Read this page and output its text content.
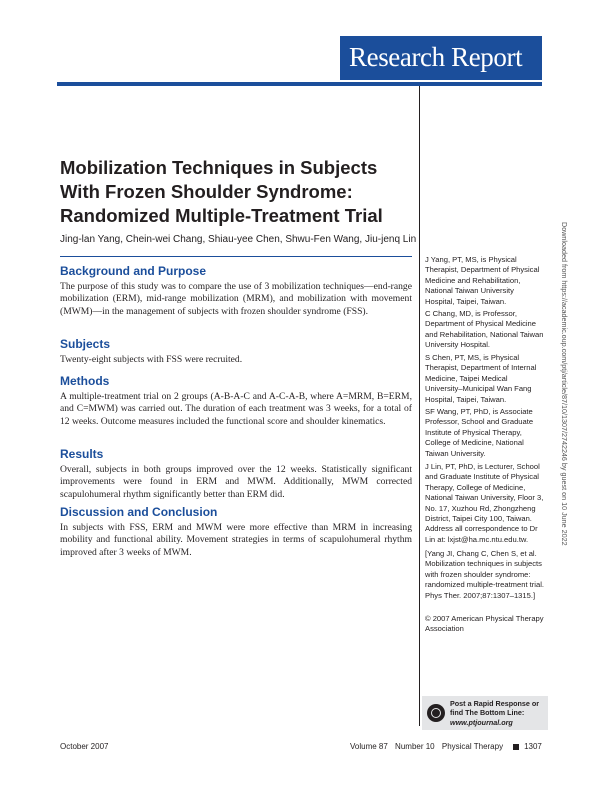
Research Report
Mobilization Techniques in Subjects
With Frozen Shoulder Syndrome:
Randomized Multiple-Treatment Trial
Jing-lan Yang, Chein-wei Chang, Shiau-yee Chen, Shwu-Fen Wang, Jiu-jenq Lin
Background and Purpose

The purpose of this study was to compare the use of 3 mobilization techniques—end-range mobilization (ERM), mid-range mobilization (MRM), and mobilization with movement (MWM)—in the management of subjects with frozen shoulder syndrome (FSS).

Subjects

Twenty-eight subjects with FSS were recruited.

Methods

A multiple-treatment trial on 2 groups (A-B-A-C and A-C-A-B, where A=MRM, B=ERM, and C=MWM) was carried out. The duration of each treatment was 3 weeks, for a total of 12 weeks. Outcome measures included the functional score and shoulder kinematics.

Results

Overall, subjects in both groups improved over the 12 weeks. Statistically significant improvements were found in ERM and MWM. Additionally, MWM corrected scapulohumeral rhythm significantly better than ERM did.

Discussion and Conclusion

In subjects with FSS, ERM and MWM were more effective than MRM in increasing mobility and functional ability. Movement strategies in terms of scapulohumeral rhythm improved after 3 weeks of MWM.

J Yang, PT, MS, is Physical Therapist, Department of Physical Medicine and Rehabilitation, National Taiwan University Hospital, Taipei, Taiwan.

C Chang, MD, is Professor, Department of Physical Medicine and Rehabilitation, National Taiwan University Hospital.

S Chen, PT, MS, is Physical Therapist, Department of Internal Medicine, Taipei Medical University–Municipal Wan Fang Hospital, Taipei, Taiwan.

SF Wang, PT, PhD, is Associate Professor, School and Graduate Institute of Physical Therapy, College of Medicine, National Taiwan University.

J Lin, PT, PhD, is Lecturer, School and Graduate Institute of Physical Therapy, College of Medicine, National Taiwan University, Floor 3, No. 17, Xuzhou Rd, Zhongzheng District, Taipei City 100, Taiwan. Address all correspondence to Dr Lin at: lxjst@ha.mc.ntu.edu.tw.

[Yang JI, Chang C, Chen S, et al. Mobilization techniques in subjects with frozen shoulder syndrome: randomized multiple-treatment trial. Phys Ther. 2007;87:1307–1315.]

© 2007 American Physical Therapy Association

Post a Rapid Response or
find The Bottom Line:
www.ptjournal.org
October 2007	Volume 87 Number 10 Physical Therapy	1307
Downloaded from https://academic.oup.com/ptj/article/87/10/1307/2742246 by guest on 10 June 2022
